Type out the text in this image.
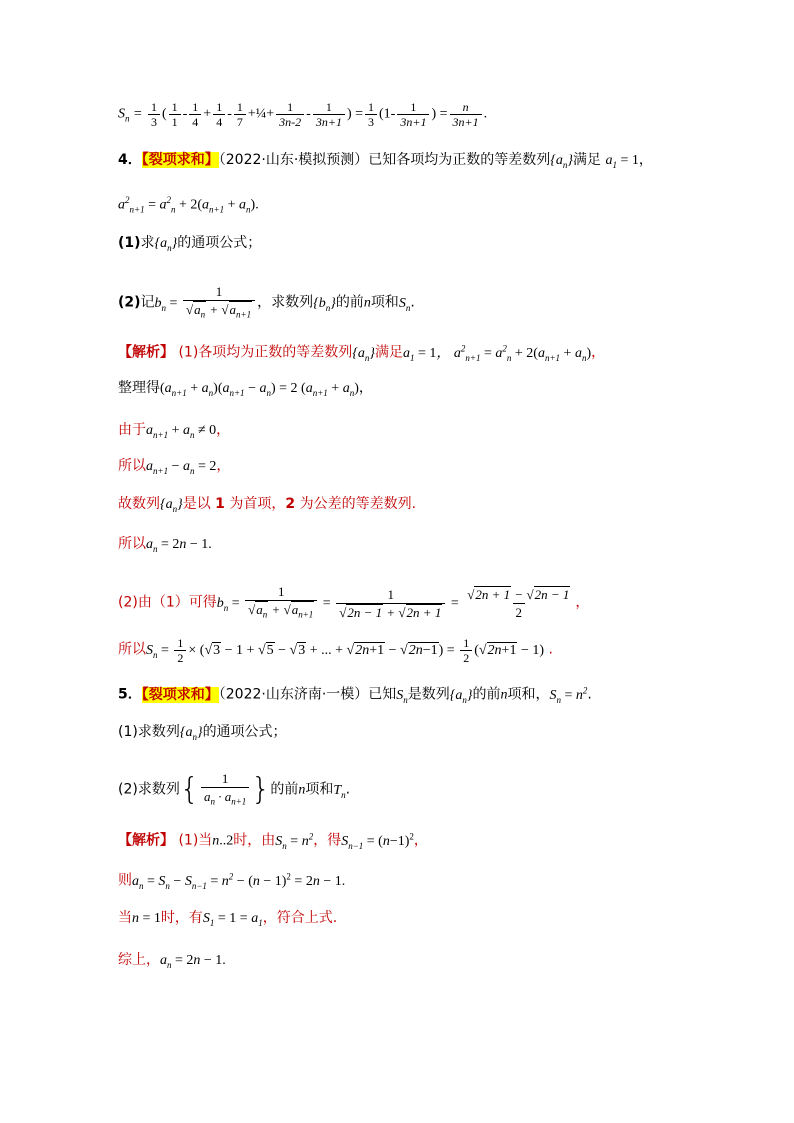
$S_n = \frac{1}{3}$ ( $\frac{1}{1} - \frac{1}{4} + \frac{1}{4} - \frac{1}{7}$ +¼+ $\frac{1}{3n-2} - \frac{1}{3n+1}$ ) = $\frac{1}{3} (1- \frac{1}{3n+1}$ ) = $\frac{n}{3n+1}$ .
4．【裂项求和】（2022·山东·模拟预测）已知各项均为正数的等差数列$\{a_n\}$满足 $a_1 = 1$，
$a^2_{n+1} = a^2_n + 2(a_{n+1} + a_n)$.
(1)求$\{a_n\}$的通项公式；
(2)记$b_n = \frac{1}{√a_n + √a_{n+1}}$ ，求数列$\{b_n\}$的前n项和$S_n$.
【解析】 (1)各项均为正数的等差数列$\{a_n\}$满足$a_1 = 1$， $a^2_{n+1} = a^2_n + 2(a_{n+1} + a_n)$，
整理得$(a_{n+1} + a_n)(a_{n+1} - a_n) = 2$ $(a_{n+1} + a_n)$，
由于$a_{n+1} + a_n \ne 0$，
所以$a_{n+1} - a_n = 2$，
故数列$\{a_n\}$是以 1 为首项，2 为公差的等差数列.
所以$a_n = 2n - 1$.
(2)由（1）可得$b_n = \frac{1}{√a_n + √a_{n+1}} = \frac{1}{√2n - 1 + √2n + 1} = \frac{√2n + 1 - √2n - 1}{2}$ ，
所以$S_n = \frac{1}{2} \times (√3 - 1 + √5 - √3$ + ... + $√2n+1 - √2n-1) = \frac{1}{2} (√2n+1 - 1)$ .
5．【裂项求和】（2022·山东济南·一模）已知$S_n$是数列$\{a_n\}$的前n项和，$S_n = n^2$.
(1)求数列$\{a_n\}$的通项公式；
(2)求数列{ $\frac{1}{a_n \cdot a_{n+1}}$ }的前n项和$T_n$.
【解析】 (1)当n..2时，由$S_n = n^2$，得$S_{n-1} = (n-1)^2$，
则$a_n = S_n - S_{n-1} = n^2 - (n - 1)^2 = 2n - 1$.
当n = 1时，有$S_1 = 1 = a_1$，符合上式.
综上，$a_n = 2n - 1$.
